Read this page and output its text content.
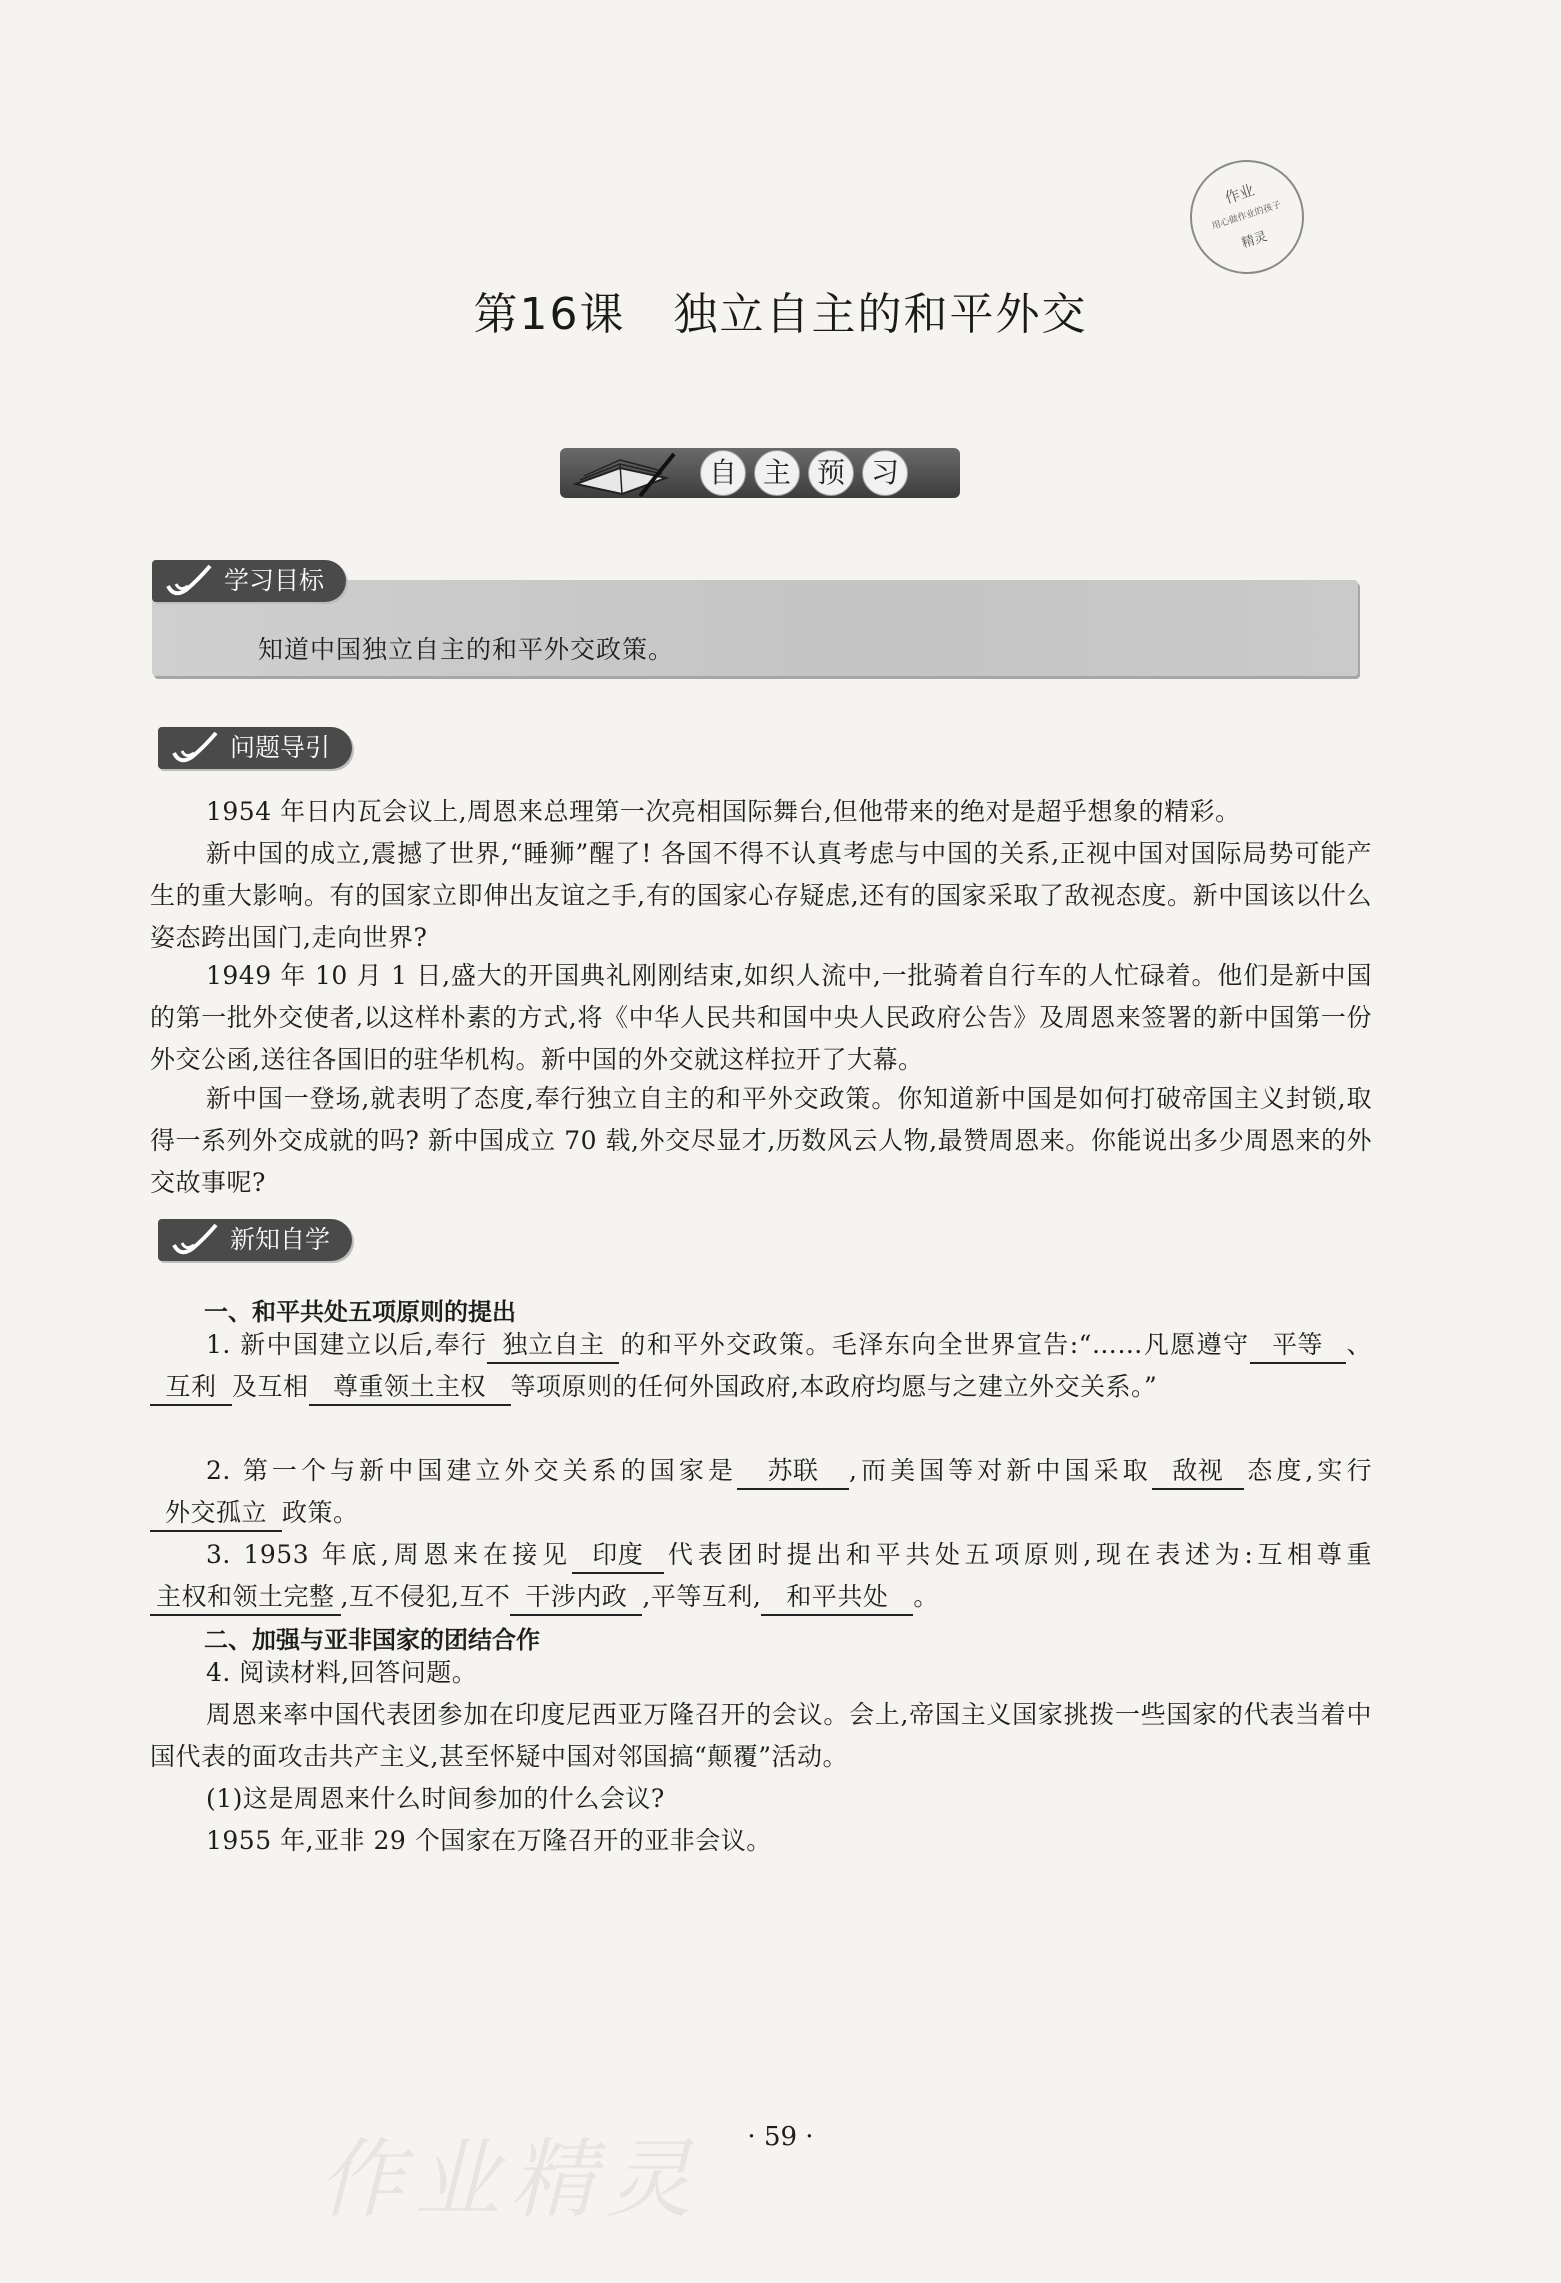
作业
用心做作业的孩子
精灵
第16课 独立自主的和平外交
自 主 预 习
学习目标
知道中国独立自主的和平外交政策。
问题导引
1954 年日内瓦会议上,周恩来总理第一次亮相国际舞台,但他带来的绝对是超乎想象的精彩。
新中国的成立,震撼了世界,“睡狮”醒了! 各国不得不认真考虑与中国的关系,正视中国对国际局势可能产生的重大影响。有的国家立即伸出友谊之手,有的国家心存疑虑,还有的国家采取了敌视态度。新中国该以什么姿态跨出国门,走向世界?
1949 年 10 月 1 日,盛大的开国典礼刚刚结束,如织人流中,一批骑着自行车的人忙碌着。他们是新中国的第一批外交使者,以这样朴素的方式,将《中华人民共和国中央人民政府公告》及周恩来签署的新中国第一份外交公函,送往各国旧的驻华机构。新中国的外交就这样拉开了大幕。
新中国一登场,就表明了态度,奉行独立自主的和平外交政策。你知道新中国是如何打破帝国主义封锁,取得一系列外交成就的吗? 新中国成立 70 载,外交尽显才,历数风云人物,最赞周恩来。你能说出多少周恩来的外交故事呢?
新知自学
一、和平共处五项原则的提出
1. 新中国建立以后,奉行 独立自主 的和平外交政策。毛泽东向全世界宣告:“……凡愿遵守 平等 、互利 及互相 尊重领土主权 等项原则的任何外国政府,本政府均愿与之建立外交关系。”
2. 第一个与新中国建立外交关系的国家是 苏联 ,而美国等对新中国采取 敌视 态度,实行外交孤立 政策。
3. 1953 年底,周恩来在接见 印度 代表团时提出和平共处五项原则,现在表述为:互相尊重主权和领土完整 ,互不侵犯,互不 干涉内政 ,平等互利, 和平共处 。
二、加强与亚非国家的团结合作
4. 阅读材料,回答问题。
周恩来率中国代表团参加在印度尼西亚万隆召开的会议。会上,帝国主义国家挑拨一些国家的代表当着中国代表的面攻击共产主义,甚至怀疑中国对邻国搞“颠覆”活动。
(1)这是周恩来什么时间参加的什么会议?
1955 年,亚非 29 个国家在万隆召开的亚非会议。
作业精灵	· 59 ·
